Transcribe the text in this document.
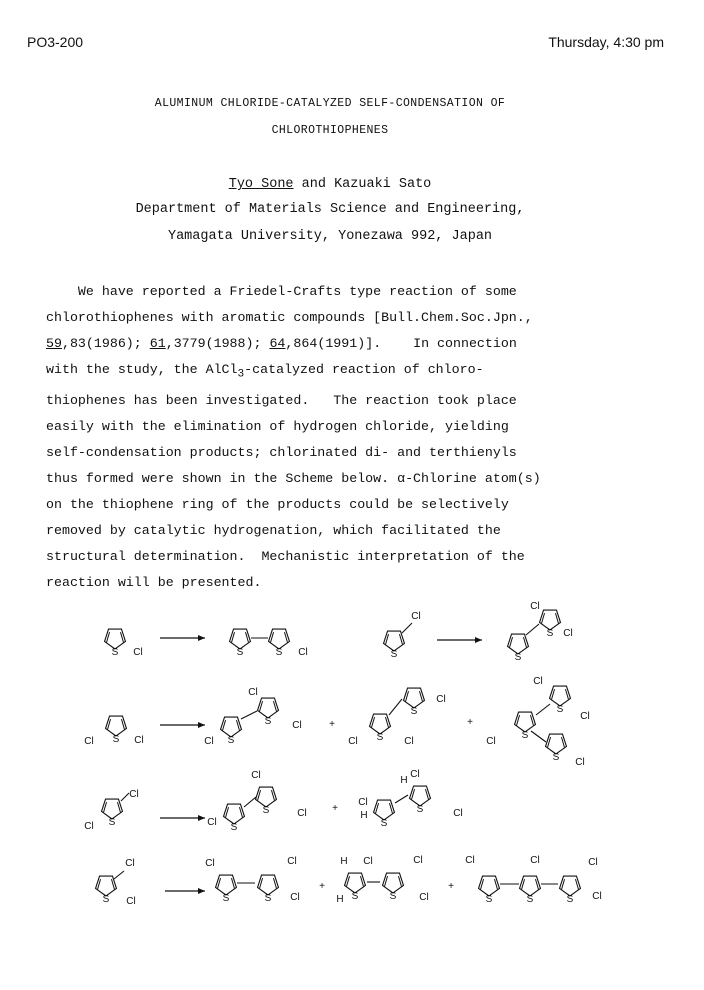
PO3-200	Thursday, 4:30 pm
ALUMINUM CHLORIDE-CATALYZED SELF-CONDENSATION OF
CHLOROTHIOPHENES
Tyo Sone and Kazuaki Sato
Department of Materials Science and Engineering,
Yamagata University, Yonezawa 992, Japan

We have reported a Friedel-Crafts type reaction of some

chlorothiophenes with aromatic compounds [Bull.Chem.Soc.Jpn.,

59,83(1986); 61,3779(1988); 64,864(1991)].    In connection

with the study, the AlCl$_3$-catalyzed reaction of chloro-

thiophenes has been investigated.   The reaction took place

easily with the elimination of hydrogen chloride, yielding

self-condensation products; chlorinated di- and terthienyls

thus formed were shown in the Scheme below. α-Chlorine atom(s)

on the thiophene ring of the products could be selectively

removed by catalytic hydrogenation, which facilitated the

structural determination.  Mechanistic interpretation of the

reaction will be presented.

S Cl	S	S Cl	S
Cl
S
S
Cl
Cl
S
Cl	Cl	S
Cl
S
Cl
Cl	+
S
Cl	Cl
S
Cl
+
S
Cl
S
Cl
Cl
S Cl
S
Cl
Cl
S
Cl
S
Cl
Cl	+
S
Cl
H
S
Cl
H
Cl
S
Cl
Cl	S
Cl
S
Cl
Cl
+
S
H Cl
H	S
Cl
Cl
+
S
Cl
S
Cl
S
Cl
Cl
